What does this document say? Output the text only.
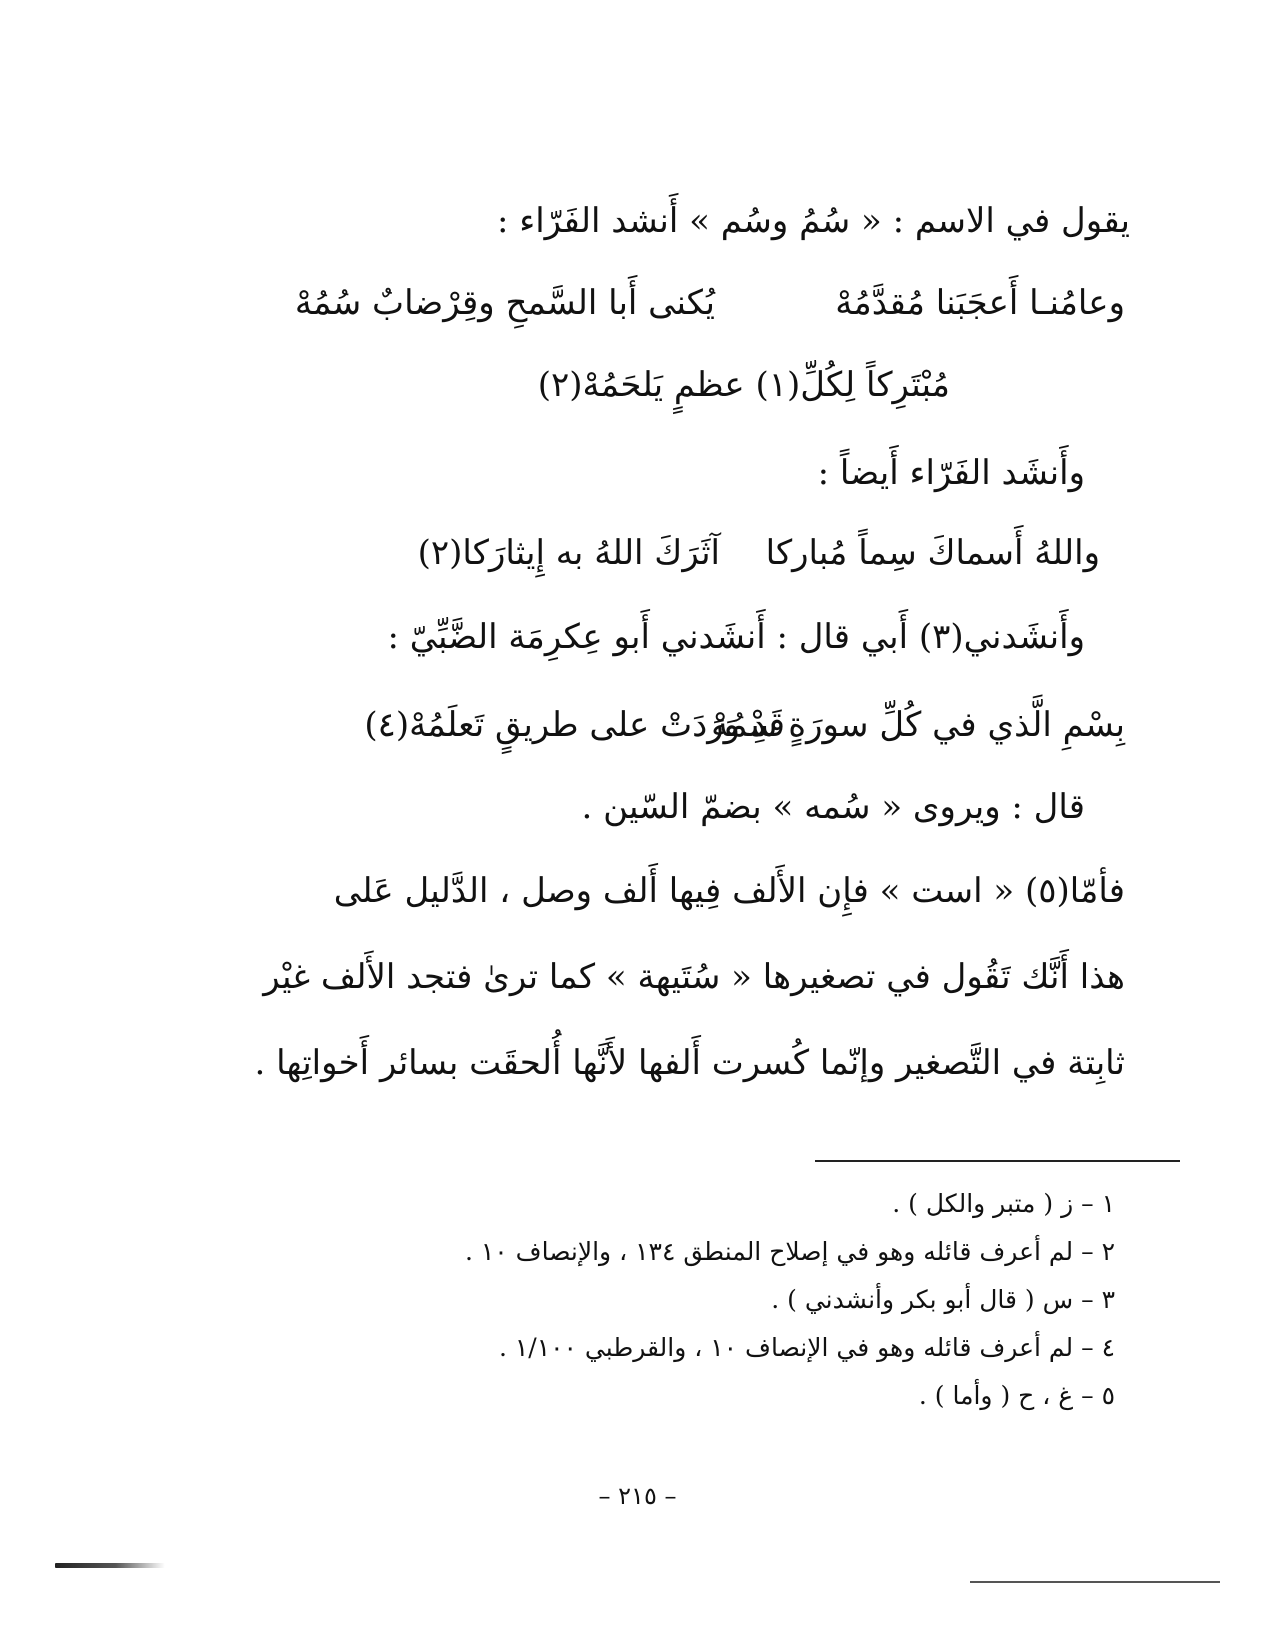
يقول في الاسم : « سُمُ وسُم » أَنشد الفَرّاء :
وعامُنـا أَعجَبَنا مُقدَّمُهْ
يُكنى أَبا السَّمحِ وقِرْضابٌ سُمُهْ
مُبْتَرِكاً لِكُلِّ(١) عظمٍ يَلحَمُهْ(٢)
وأَنشَد الفَرّاء أَيضاً :
واللهُ أَسماكَ سِماً مُباركا
آثَرَكَ اللهُ به إِيثارَكا(٢)
وأَنشَدني(٣) أَبي قال : أَنشَدني أَبو عِكرِمَة الضَّبِّيّ :
بِسْمِ الَّذي في كُلِّ سورَةٍ سِمُهْ
قَدْ وَرَدَتْ على طريقٍ تَعلَمُهْ(٤)
قال : ويروى « سُمه » بضمّ السّين .
فأمّا(٥) « است » فإِن الأَلف فِيها أَلف وصل ، الدَّليل عَلى
هذا أَنَّك تَقُول في تصغيرها « سُتَيهة » كما ترىٰ فتجد الأَلف غيْر
ثابِتة في التَّصغير وإنّما كُسرت أَلفها لأَنَّها أُلحقَت بسائر أَخواتِها .
١ – ز ( متبر والكل ) .
٢ – لم أعرف قائله وهو في إصلاح المنطق ١٣٤ ، والإنصاف ١٠ .
٣ – س ( قال أبو بكر وأنشدني ) .
٤ – لم أعرف قائله وهو في الإنصاف ١٠ ، والقرطبي ١/١٠٠ .
٥ – غ ، ح ( وأما ) .
– ٢١٥ –
